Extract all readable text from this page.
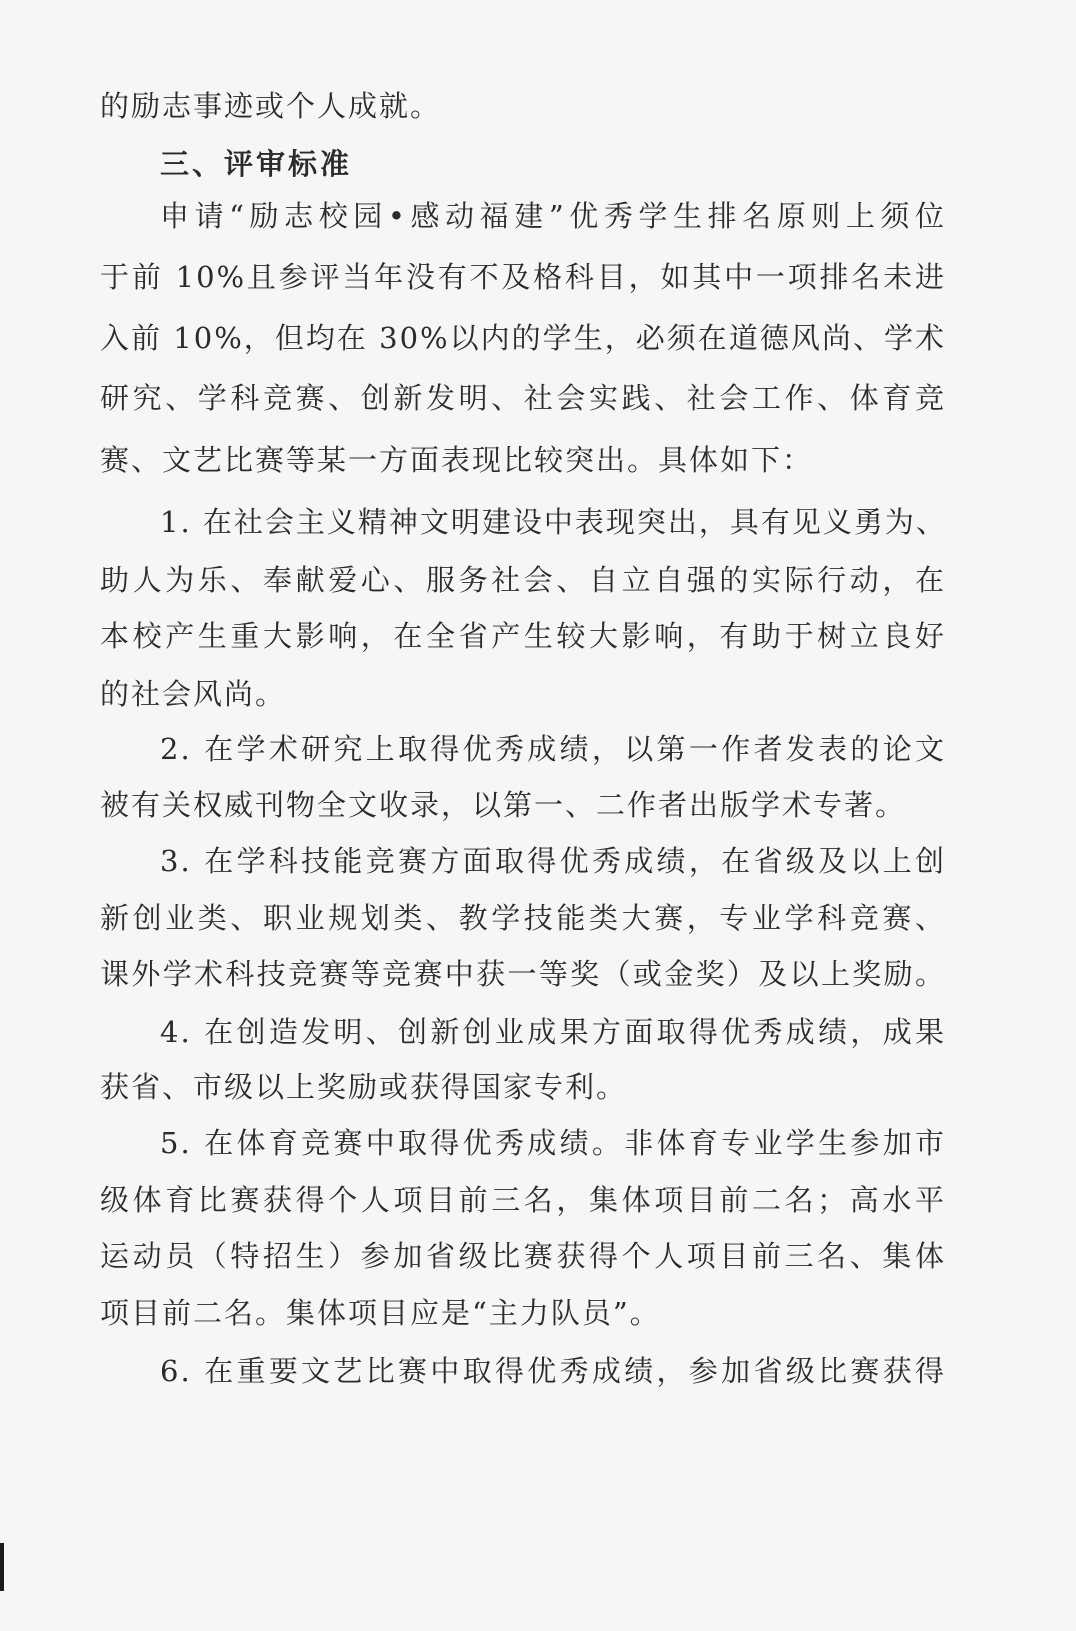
的励志事迹或个人成就。

三、评审标准

申请“励志校园•感动福建”优秀学生排名原则上须位

于前 10%且参评当年没有不及格科目，如其中一项排名未进

入前 10%，但均在 30%以内的学生，必须在道德风尚、学术

研究、学科竞赛、创新发明、社会实践、社会工作、体育竞

赛、文艺比赛等某一方面表现比较突出。具体如下：

1. 在社会主义精神文明建设中表现突出，具有见义勇为、

助人为乐、奉献爱心、服务社会、自立自强的实际行动，在

本校产生重大影响，在全省产生较大影响，有助于树立良好

的社会风尚。

2. 在学术研究上取得优秀成绩，以第一作者发表的论文

被有关权威刊物全文收录，以第一、二作者出版学术专著。

3. 在学科技能竞赛方面取得优秀成绩，在省级及以上创

新创业类、职业规划类、教学技能类大赛，专业学科竞赛、

课外学术科技竞赛等竞赛中获一等奖（或金奖）及以上奖励。

4. 在创造发明、创新创业成果方面取得优秀成绩，成果

获省、市级以上奖励或获得国家专利。

5. 在体育竞赛中取得优秀成绩。非体育专业学生参加市

级体育比赛获得个人项目前三名，集体项目前二名；高水平

运动员（特招生）参加省级比赛获得个人项目前三名、集体

项目前二名。集体项目应是“主力队员”。

6. 在重要文艺比赛中取得优秀成绩，参加省级比赛获得
